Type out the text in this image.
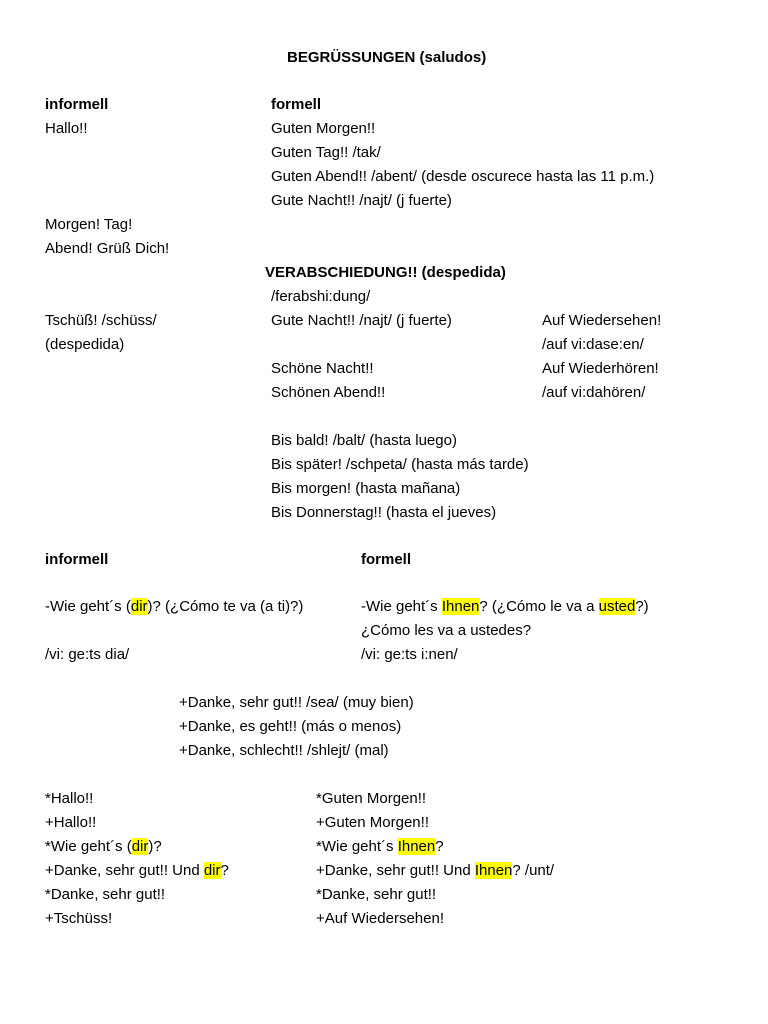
BEGRÜSSUNGEN (saludos)
informell	formell
Hallo!!
Morgen! Tag!
Abend! Grüß Dich!
Guten Morgen!!
Guten Tag!! /tak/
Guten Abend!! /abent/ (desde oscurece hasta las 11 p.m.)
Gute Nacht!! /najt/ (j fuerte)
VERABSCHIEDUNG!! (despedida)
/ferabshi:dung/
Tschüß! /schüss/
(despedida)
Gute Nacht!! /najt/ (j fuerte)
Schöne Nacht!!
Schönen Abend!!
Auf Wiedersehen!
/auf vi:dase:en/
Auf Wiederhören!
/auf vi:dahören/
Bis bald! /balt/ (hasta luego)
Bis später! /schpeta/ (hasta más tarde)
Bis morgen! (hasta mañana)
Bis Donnerstag!! (hasta el jueves)
informell	formell
-Wie geht´s (dir)? (¿Cómo te va (a ti)?)
/vi: ge:ts dia/
-Wie geht´s Ihnen? (¿Cómo le va a usted?)
¿Cómo les va a ustedes?
/vi: ge:ts i:nen/
+Danke, sehr gut!! /sea/ (muy bien)
+Danke, es geht!! (más o menos)
+Danke, schlecht!! /shlejt/ (mal)
*Hallo!!
+Hallo!!
*Wie geht´s (dir)?
+Danke, sehr gut!! Und dir?
*Danke, sehr gut!!
+Tschüss!
*Guten Morgen!!
+Guten Morgen!!
*Wie geht´s Ihnen?
+Danke, sehr gut!! Und Ihnen? /unt/
*Danke, sehr gut!!
+Auf Wiedersehen!
